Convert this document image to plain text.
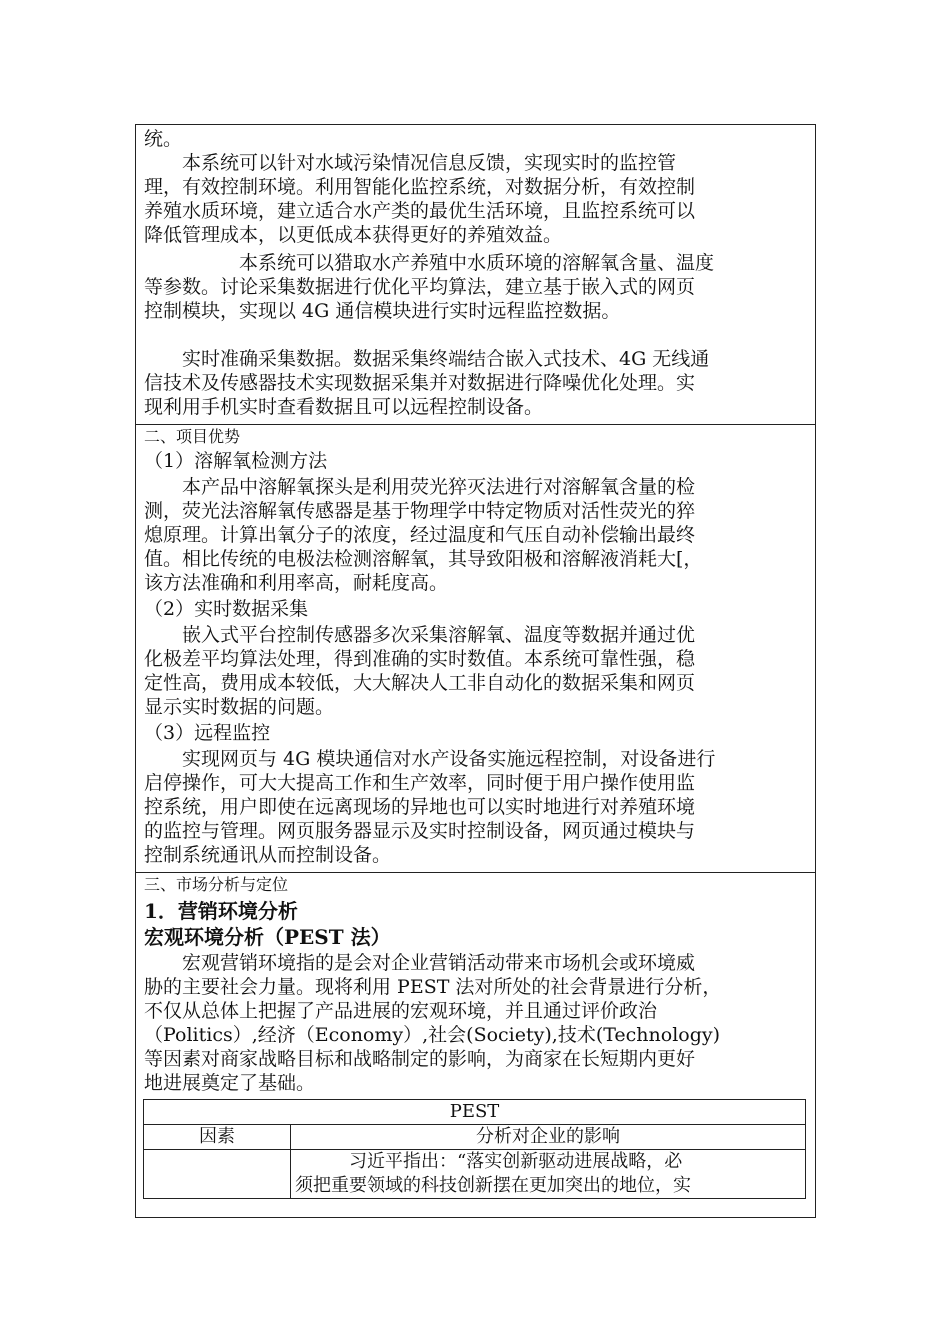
统。
　　本系统可以针对水域污染情况信息反馈，实现实时的监控管
理，有效控制环境。利用智能化监控系统，对数据分析，有效控制
养殖水质环境，建立适合水产类的最优生活环境，且监控系统可以
降低管理成本，以更低成本获得更好的养殖效益。
　　　　　本系统可以猎取水产养殖中水质环境的溶解氧含量、温度
等参数。讨论采集数据进行优化平均算法，建立基于嵌入式的网页
控制模块，实现以 4G 通信模块进行实时远程监控数据。
　　实时准确采集数据。数据采集终端结合嵌入式技术、4G 无线通
信技术及传感器技术实现数据采集并对数据进行降噪优化处理。实
现利用手机实时查看数据且可以远程控制设备。
二、项目优势
（1）溶解氧检测方法
　　本产品中溶解氧探头是利用荧光猝灭法进行对溶解氧含量的检
测，荧光法溶解氧传感器是基于物理学中特定物质对活性荧光的猝
熄原理。计算出氧分子的浓度，经过温度和气压自动补偿输出最终
值。相比传统的电极法检测溶解氧，其导致阳极和溶解液消耗大[，
该方法准确和利用率高，耐耗度高。
（2）实时数据采集
　　嵌入式平台控制传感器多次采集溶解氧、温度等数据并通过优
化极差平均算法处理，得到准确的实时数值。本系统可靠性强，稳
定性高，费用成本较低，大大解决人工非自动化的数据采集和网页
显示实时数据的问题。
（3）远程监控
　　实现网页与 4G 模块通信对水产设备实施远程控制，对设备进行
启停操作，可大大提高工作和生产效率，同时便于用户操作使用监
控系统，用户即使在远离现场的异地也可以实时地进行对养殖环境
的监控与管理。网页服务器显示及实时控制设备，网页通过模块与
控制系统通讯从而控制设备。
三、市场分析与定位
1．营销环境分析
宏观环境分析（PEST 法）
　　宏观营销环境指的是会对企业营销活动带来市场机会或环境威
胁的主要社会力量。现将利用 PEST 法对所处的社会背景进行分析，
不仅从总体上把握了产品进展的宏观环境，并且通过评价政治
（Politics）,经济（Economy）,社会(Society),技术(Technology)
等因素对商家战略目标和战略制定的影响，为商家在长短期内更好
地进展奠定了基础。
PEST	
因素	分析对企业的影响

	　　　习近平指出：“落实创新驱动进展战略，必
须把重要领域的科技创新摆在更加突出的地位，实
